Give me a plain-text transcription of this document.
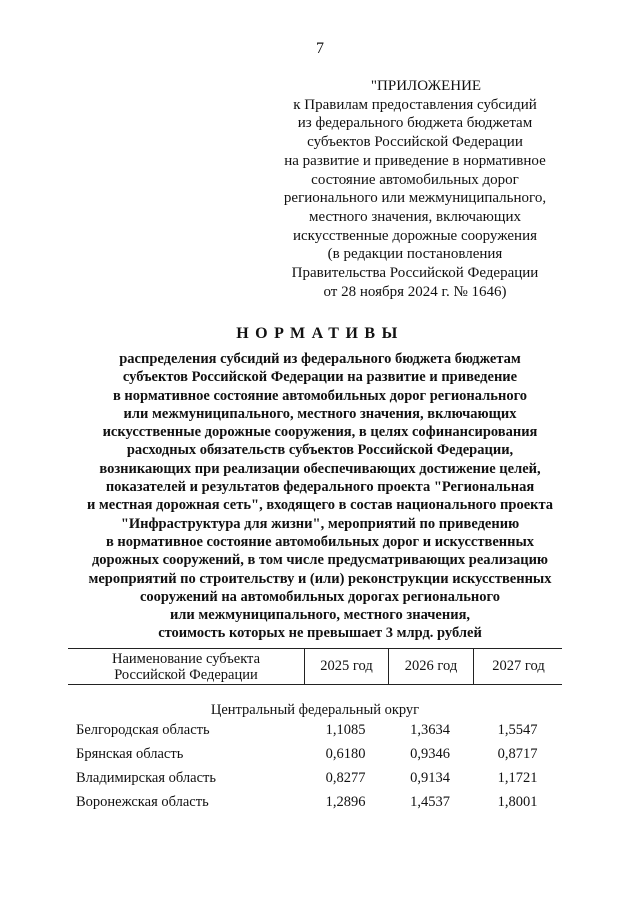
7
"ПРИЛОЖЕНИЕ
к Правилам предоставления субсидий
из федерального бюджета бюджетам
субъектов Российской Федерации
на развитие и приведение в нормативное
состояние автомобильных дорог
регионального или межмуниципального,
местного значения, включающих
искусственные дорожные сооружения
(в редакции постановления
Правительства Российской Федерации
от 28 ноября 2024 г. № 1646)
НОРМАТИВЫ
распределения субсидий из федерального бюджета бюджетам
субъектов Российской Федерации на развитие и приведение
в нормативное состояние автомобильных дорог регионального
или межмуниципального, местного значения, включающих
искусственные дорожные сооружения, в целях софинансирования
расходных обязательств субъектов Российской Федерации,
возникающих при реализации обеспечивающих достижение целей,
показателей и результатов федерального проекта "Региональная
и местная дорожная сеть", входящего в состав национального проекта
"Инфраструктура для жизни", мероприятий по приведению
в нормативное состояние автомобильных дорог и искусственных
дорожных сооружений, в том числе предусматривающих реализацию
мероприятий по строительству и (или) реконструкции искусственных
сооружений на автомобильных дорогах регионального
или межмуниципального, местного значения,
стоимость которых не превышает 3 млрд. рублей
Наименование субъекта
Российской Федерации
2025 год	2026 год	2027 год
Центральный федеральный округ
Белгородская область	1,1085	1,3634	1,5547
Брянская область	0,6180	0,9346	0,8717
Владимирская область	0,8277	0,9134	1,1721
Воронежская область	1,2896	1,4537	1,8001
